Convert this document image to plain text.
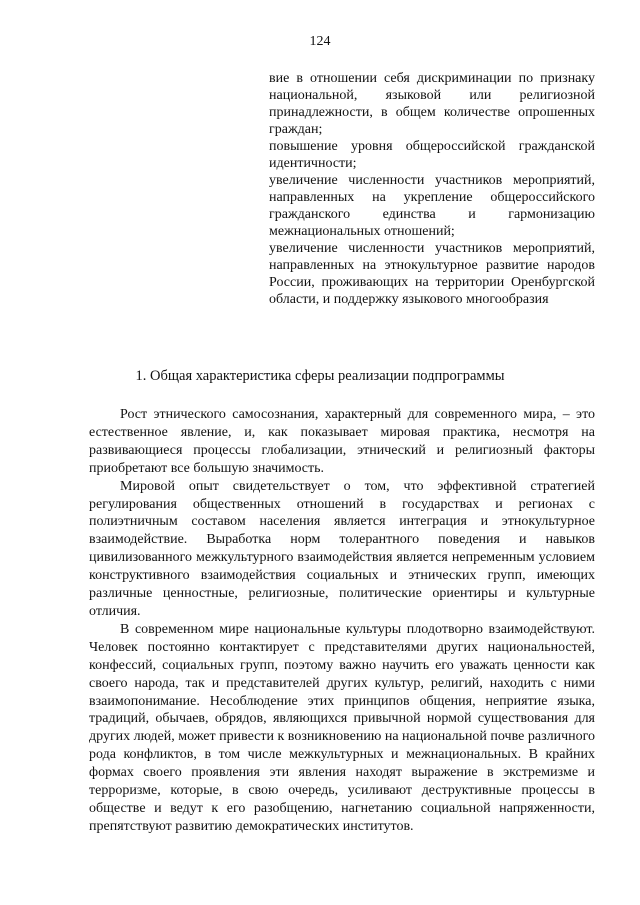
124

вие в отношении себя дискриминации по признаку национальной, языковой или религиозной принадлежности, в общем количестве опрошенных граждан;

повышение уровня общероссийской гражданской идентичности;

увеличение численности участников мероприятий, направленных на укрепление общероссийского гражданского единства и гармонизацию межнациональных отношений;

увеличение численности участников мероприятий, направленных на этнокультурное развитие народов России, проживающих на территории Оренбургской области, и поддержку языкового многообразия

1. Общая характеристика сферы реализации подпрограммы

Рост этнического самосознания, характерный для современного мира, – это естественное явление, и, как показывает мировая практика, несмотря на развивающиеся процессы глобализации, этнический и религиозный факторы приобретают все большую значимость.

Мировой опыт свидетельствует о том, что эффективной стратегией регулирования общественных отношений в государствах и регионах с полиэтничным составом населения является интеграция и этнокультурное взаимодействие. Выработка норм толерантного поведения и навыков цивилизованного межкультурного взаимодействия является непременным условием конструктивного взаимодействия социальных и этнических групп, имеющих различные ценностные, религиозные, политические ориентиры и культурные отличия.

В современном мире национальные культуры плодотворно взаимодействуют. Человек постоянно контактирует с представителями других национальностей, конфессий, социальных групп, поэтому важно научить его уважать ценности как своего народа, так и представителей других культур, религий, находить с ними взаимопонимание. Несоблюдение этих принципов общения, неприятие языка, традиций, обычаев, обрядов, являющихся привычной нормой существования для других людей, может привести к возникновению на национальной почве различного рода конфликтов, в том числе межкультурных и межнациональных. В крайних формах своего проявления эти явления находят выражение в экстремизме и терроризме, которые, в свою очередь, усиливают деструктивные процессы в обществе и ведут к его разобщению, нагнетанию социальной напряженности, препятствуют развитию демократических институтов.
